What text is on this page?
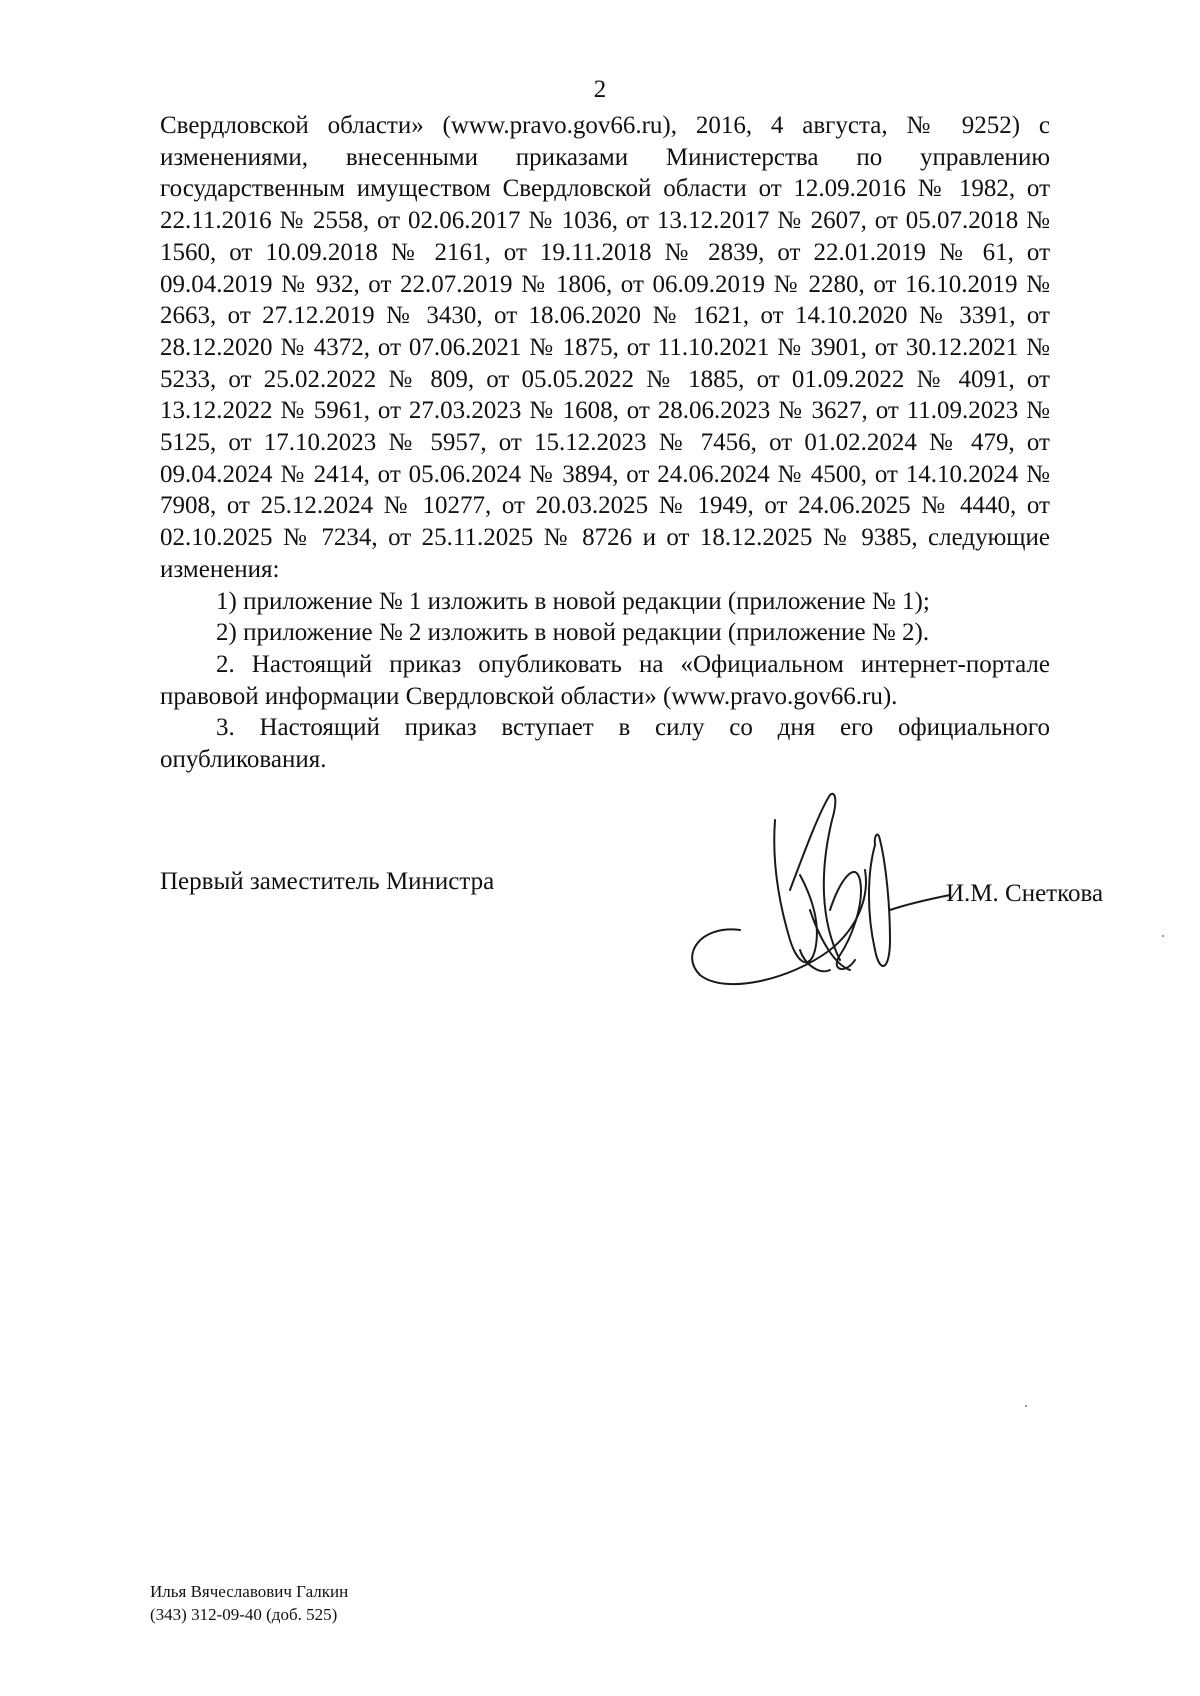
2

Свердловской области» (www.pravo.gov66.ru), 2016, 4 августа, № 9252) с изменениями, внесенными приказами Министерства по управлению государственным имуществом Свердловской области от 12.09.2016 № 1982, от 22.11.2016 № 2558, от 02.06.2017 № 1036, от 13.12.2017 № 2607, от 05.07.2018 № 1560, от 10.09.2018 № 2161, от 19.11.2018 № 2839, от 22.01.2019 № 61, от 09.04.2019 № 932, от 22.07.2019 № 1806, от 06.09.2019 № 2280, от 16.10.2019 № 2663, от 27.12.2019 № 3430, от 18.06.2020 № 1621, от 14.10.2020 № 3391, от 28.12.2020 № 4372, от 07.06.2021 № 1875, от 11.10.2021 № 3901, от 30.12.2021 № 5233, от 25.02.2022 № 809, от 05.05.2022 № 1885, от 01.09.2022 № 4091, от 13.12.2022 № 5961, от 27.03.2023 № 1608, от 28.06.2023 № 3627, от 11.09.2023 № 5125, от 17.10.2023 № 5957, от 15.12.2023 № 7456, от 01.02.2024 № 479, от 09.04.2024 № 2414, от 05.06.2024 № 3894, от 24.06.2024 № 4500, от 14.10.2024 № 7908, от 25.12.2024 № 10277, от 20.03.2025 № 1949, от 24.06.2025 № 4440, от 02.10.2025 № 7234, от 25.11.2025 № 8726 и от 18.12.2025 № 9385, следующие изменения:

1) приложение № 1 изложить в новой редакции (приложение № 1);

2) приложение № 2 изложить в новой редакции (приложение № 2).

2. Настоящий приказ опубликовать на «Официальном интернет-портале правовой информации Свердловской области» (www.pravo.gov66.ru).

3. Настоящий приказ вступает в силу со дня его официального опубликования.

Первый заместитель Министра	И.М. Снеткова
Илья Вячеславович Галкин
(343) 312-09-40 (доб. 525)
